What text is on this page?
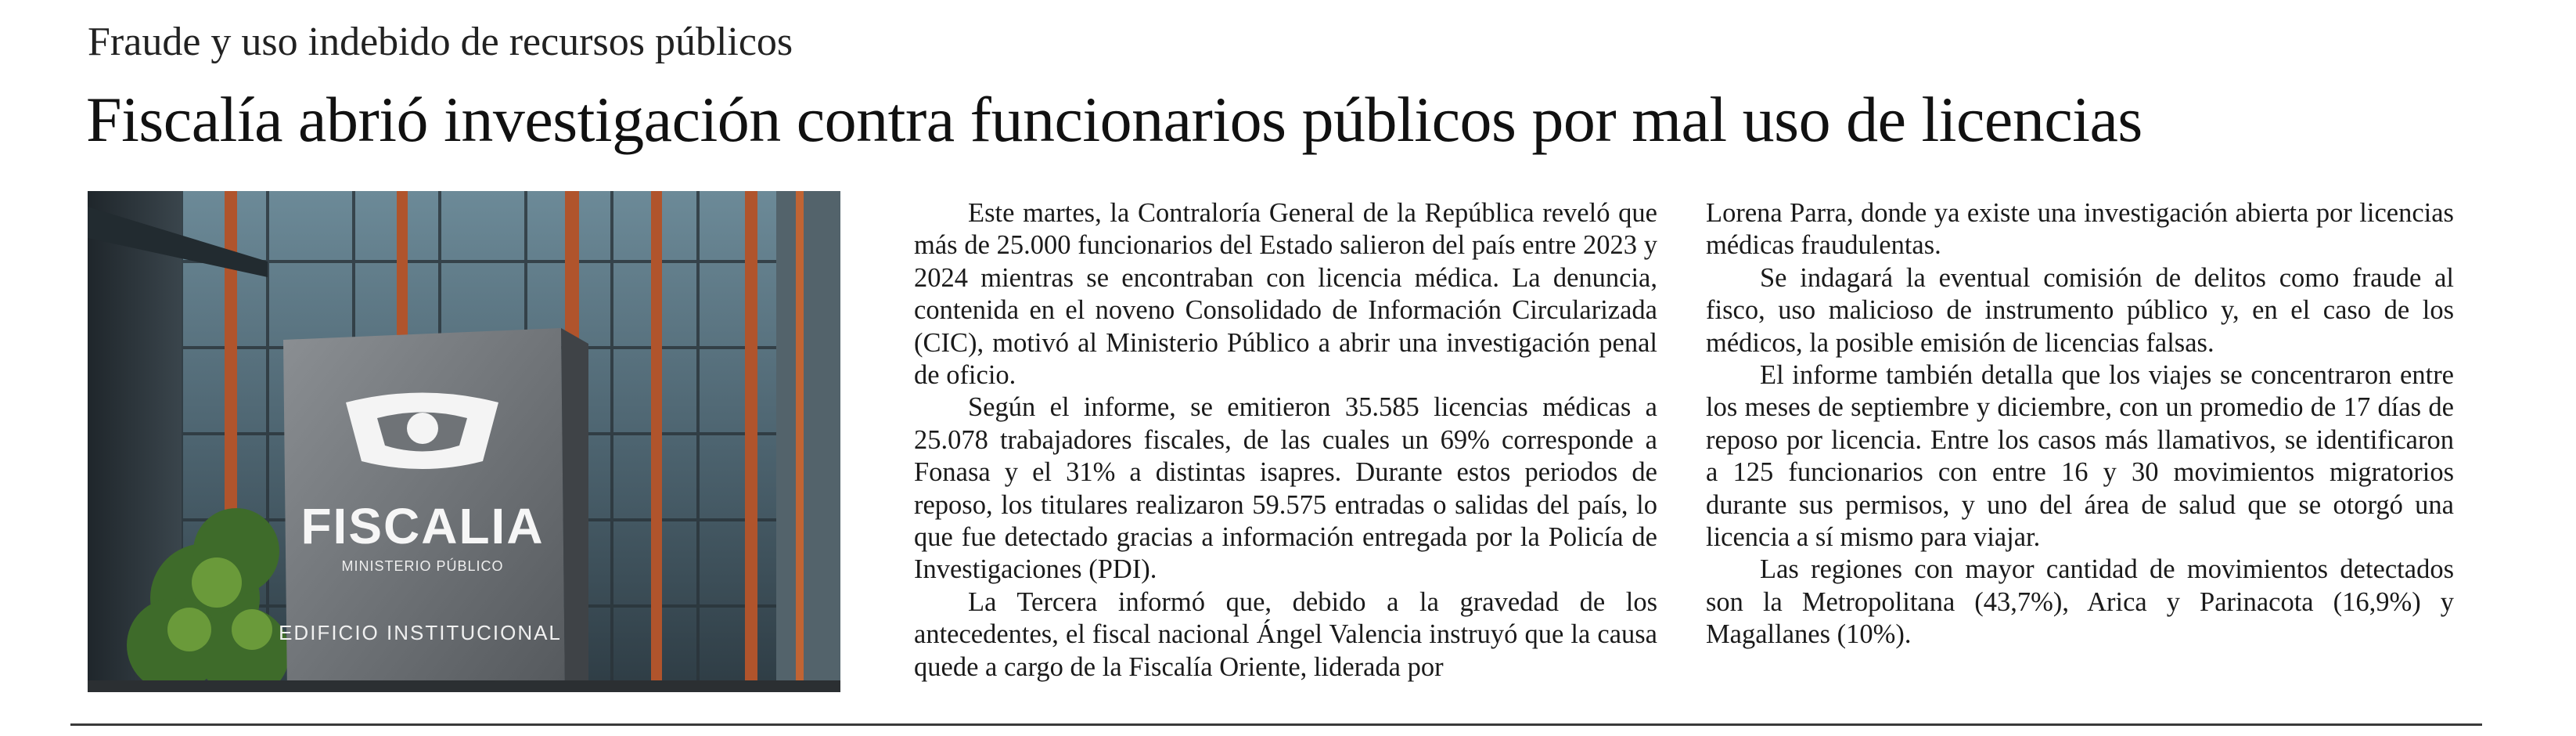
Fraude y uso indebido de recursos públicos
Fiscalía abrió investigación contra funcionarios públicos por mal uso de licencias
FISCALIA
MINISTERIO PÚBLICO
EDIFICIO INSTITUCIONAL

Este martes, la Contraloría General de la República reveló que más de 25.000 funcionarios del Estado salieron del país entre 2023 y 2024 mientras se encontraban con licencia médica. La denuncia, contenida en el noveno Consolidado de Información Circularizada (CIC), motivó al Ministerio Público a abrir una investigación penal de oficio.

Según el informe, se emitieron 35.585 licencias médicas a 25.078 trabajadores fiscales, de las cuales un 69% corresponde a Fonasa y el 31% a distintas isapres. Durante estos periodos de reposo, los titulares realizaron 59.575 entradas o salidas del país, lo que fue detectado gracias a información entregada por la Policía de Investigaciones (PDI).

La Tercera informó que, debido a la gravedad de los antecedentes, el fiscal nacional Ángel Valencia instruyó que la causa quede a cargo de la Fiscalía Oriente, liderada por

Lorena Parra, donde ya existe una investigación abierta por licencias médicas fraudulentas.

Se indagará la eventual comisión de delitos como fraude al fisco, uso malicioso de instrumento público y, en el caso de los médicos, la posible emisión de licencias falsas.

El informe también detalla que los viajes se concentraron entre los meses de septiembre y diciembre, con un promedio de 17 días de reposo por licencia. Entre los casos más llamativos, se identificaron a 125 funcionarios con entre 16 y 30 movimientos migratorios durante sus permisos, y uno del área de salud que se otorgó una licencia a sí mismo para viajar.

Las regiones con mayor cantidad de movimientos detectados son la Metropolitana (43,7%), Arica y Parinacota (16,9%) y Magallanes (10%).
